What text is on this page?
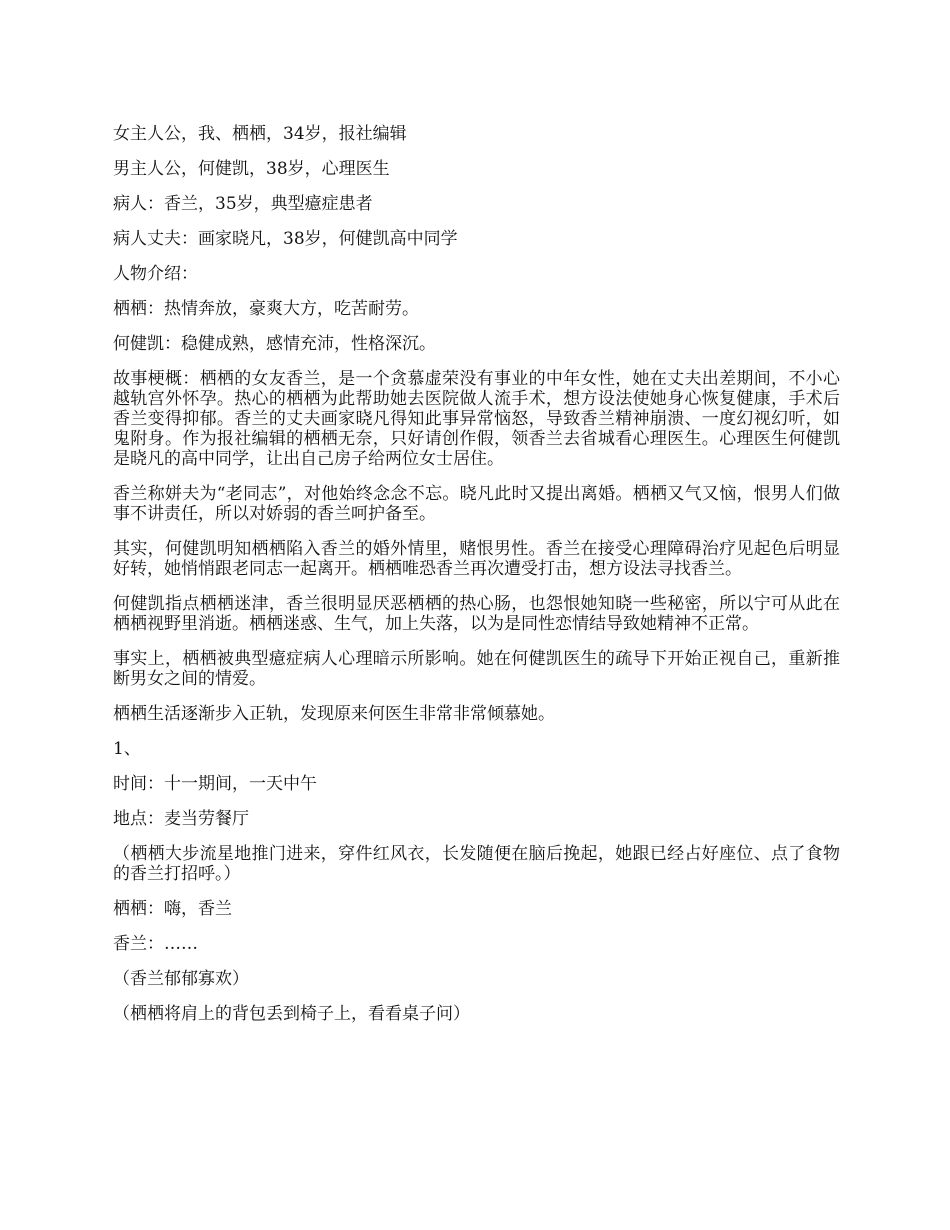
女主人公，我、栖栖，34岁，报社编辑

男主人公，何健凯，38岁，心理医生

病人：香兰，35岁，典型癔症患者

病人丈夫：画家晓凡，38岁，何健凯高中同学

人物介绍：

栖栖：热情奔放，豪爽大方，吃苦耐劳。

何健凯：稳健成熟，感情充沛，性格深沉。

故事梗概：栖栖的女友香兰，是一个贪慕虚荣没有事业的中年女性，她在丈夫出差期间，不小心越轨宫外怀孕。热心的栖栖为此帮助她去医院做人流手术，想方设法使她身心恢复健康，手术后香兰变得抑郁。香兰的丈夫画家晓凡得知此事异常恼怒，导致香兰精神崩溃、一度幻视幻听，如鬼附身。作为报社编辑的栖栖无奈，只好请创作假，领香兰去省城看心理医生。心理医生何健凯是晓凡的高中同学，让出自己房子给两位女士居住。

香兰称姘夫为“老同志”，对他始终念念不忘。晓凡此时又提出离婚。栖栖又气又恼，恨男人们做事不讲责任，所以对娇弱的香兰呵护备至。

其实，何健凯明知栖栖陷入香兰的婚外情里，赌恨男性。香兰在接受心理障碍治疗见起色后明显好转，她悄悄跟老同志一起离开。栖栖唯恐香兰再次遭受打击，想方设法寻找香兰。

何健凯指点栖栖迷津，香兰很明显厌恶栖栖的热心肠，也怨恨她知晓一些秘密，所以宁可从此在栖栖视野里消逝。栖栖迷惑、生气，加上失落，以为是同性恋情结导致她精神不正常。

事实上，栖栖被典型癔症病人心理暗示所影响。她在何健凯医生的疏导下开始正视自己，重新推断男女之间的情爱。

栖栖生活逐渐步入正轨，发现原来何医生非常非常倾慕她。

1、

时间：十一期间，一天中午

地点：麦当劳餐厅

（栖栖大步流星地推门进来，穿件红风衣，长发随便在脑后挽起，她跟已经占好座位、点了食物的香兰打招呼。）

栖栖：嗨，香兰

香兰：……

（香兰郁郁寡欢）

（栖栖将肩上的背包丢到椅子上，看看桌子问）
